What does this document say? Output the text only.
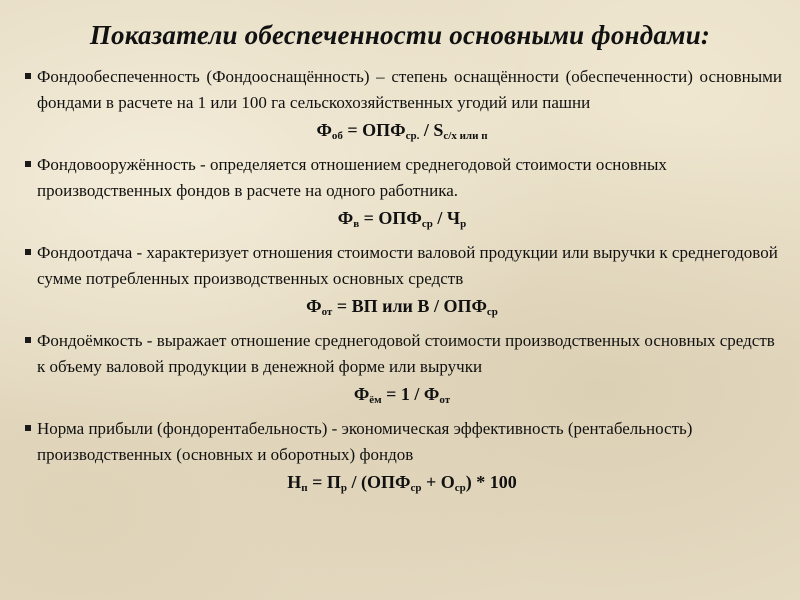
Показатели обеспеченности основными фондами:
Фондообеспеченность (Фондооснащённость) – степень оснащённости (обеспеченности) основными фондами в расчете на 1 или 100 га сельскохозяйственных угодий или пашни
$Ф_{об} = ОПФ_{ср.} / S_{с/х или п}$
Фондовооружённость - определяется отношением среднегодовой стоимости основных производственных фондов в расчете на одного работника.
$Ф_в = ОПФ_{ср} / Ч_р$
Фондоотдача - характеризует отношения стоимости валовой продукции или выручки к среднегодовой сумме потребленных производственных основных средств
$Ф_{от}$ = ВП или В / $ОПФ_{ср}$
Фондоёмкость - выражает отношение среднегодовой стоимости производственных основных средств к объему валовой продукции в денежной форме или выручки
$Ф_{ём} = 1 / Ф_{от}$
Норма прибыли (фондорентабельность) - экономическая эффективность (рентабельность) производственных (основных и оборотных) фондов
$Н_п = П_р / (ОПФ_{ср} + О_{ср}) * 100$
